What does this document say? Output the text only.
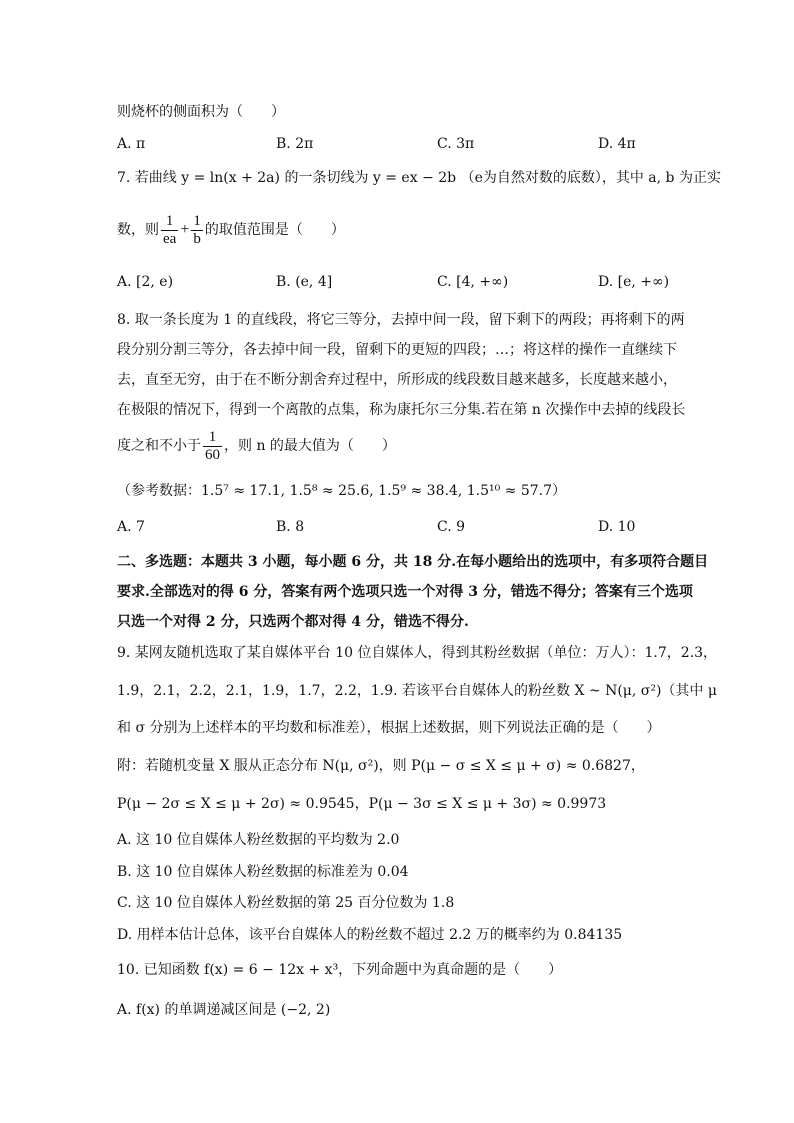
则烧杯的侧面积为（　　）
A. π	B. 2π	C. 3π	D. 4π
7. 若曲线 y = ln(x + 2a) 的一条切线为 y = ex − 2b （e为自然对数的底数），其中 a, b 为正实
数，则 $\frac{1}{ea} + \frac{1}{b}$ 的取值范围是（　　）
A. [2, e)	B. (e, 4]	C. [4, +∞)	D. [e, +∞)
8. 取一条长度为 1 的直线段，将它三等分，去掉中间一段，留下剩下的两段；再将剩下的两
段分别分割三等分，各去掉中间一段，留剩下的更短的四段；…；将这样的操作一直继续下
去，直至无穷，由于在不断分割舍弃过程中，所形成的线段数目越来越多，长度越来越小，
在极限的情况下，得到一个离散的点集，称为康托尔三分集.若在第 n 次操作中去掉的线段长
度之和不小于 $\frac{1}{60}$ ，则 n 的最大值为（　　）
（参考数据：1.5⁷ ≈ 17.1, 1.5⁸ ≈ 25.6, 1.5⁹ ≈ 38.4, 1.5¹⁰ ≈ 57.7）
A. 7	B. 8	C. 9	D. 10
二、多选题：本题共 3 小题，每小题 6 分，共 18 分.在每小题给出的选项中，有多项符合题目
要求.全部选对的得 6 分，答案有两个选项只选一个对得 3 分，错选不得分；答案有三个选项
只选一个对得 2 分，只选两个都对得 4 分，错选不得分.
9. 某网友随机选取了某自媒体平台 10 位自媒体人，得到其粉丝数据（单位：万人）：1.7，2.3，
1.9，2.1，2.2，2.1，1.9，1.7，2.2，1.9. 若该平台自媒体人的粉丝数 X ~ N(μ, σ²)（其中 μ
和 σ 分别为上述样本的平均数和标准差），根据上述数据，则下列说法正确的是（　　）
附：若随机变量 X 服从正态分布 N(μ, σ²)，则 P(μ − σ ≤ X ≤ μ + σ) ≈ 0.6827，
P(μ − 2σ ≤ X ≤ μ + 2σ) ≈ 0.9545，P(μ − 3σ ≤ X ≤ μ + 3σ) ≈ 0.9973
A. 这 10 位自媒体人粉丝数据的平均数为 2.0
B. 这 10 位自媒体人粉丝数据的标准差为 0.04
C. 这 10 位自媒体人粉丝数据的第 25 百分位数为 1.8
D. 用样本估计总体，该平台自媒体人的粉丝数不超过 2.2 万的概率约为 0.84135
10. 已知函数 f(x) = 6 − 12x + x³，下列命题中为真命题的是（　　）
A. f(x) 的单调递减区间是 (−2, 2)
